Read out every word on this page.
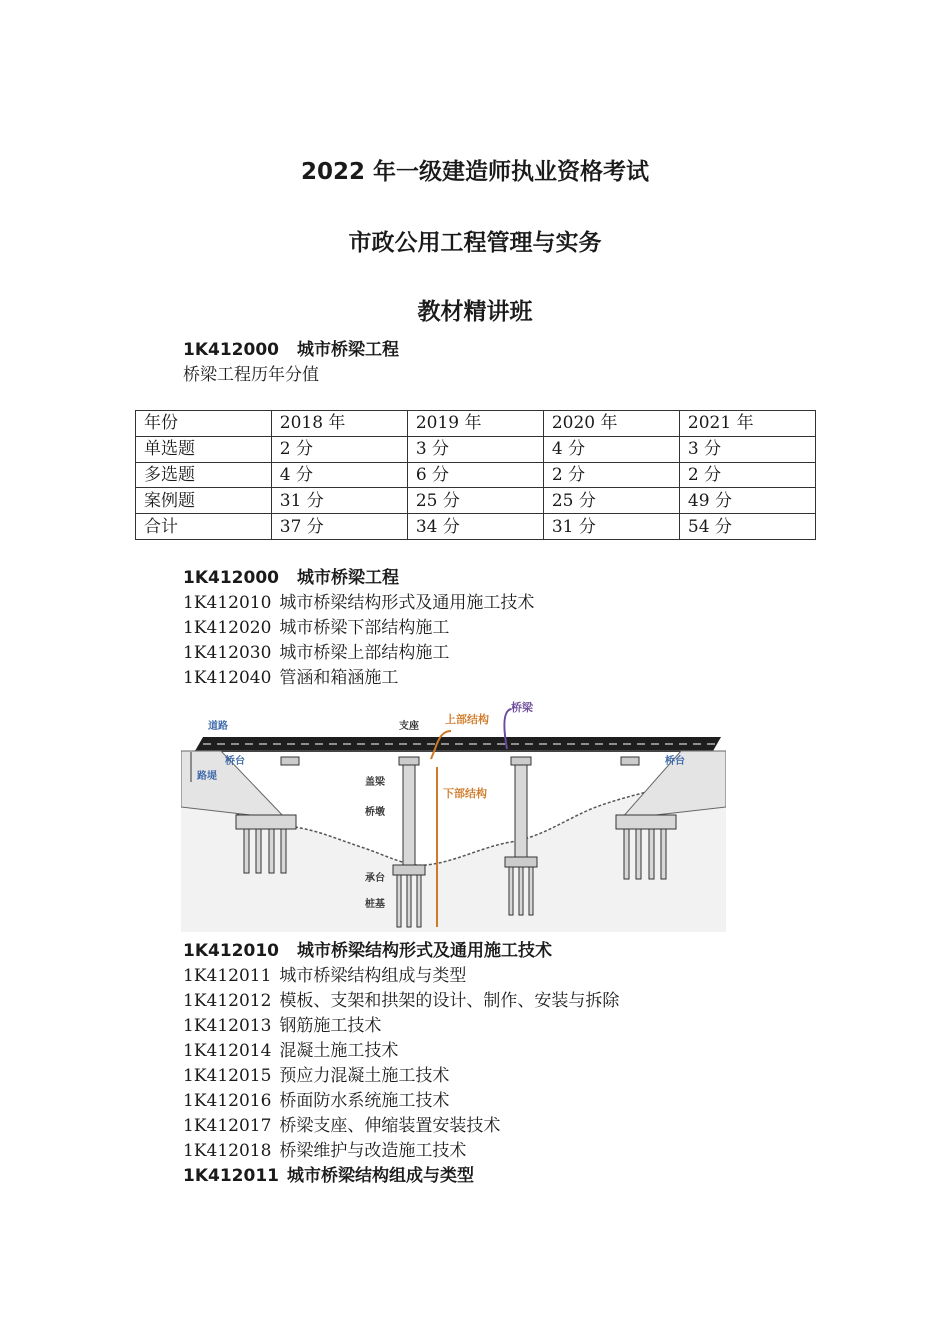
2022 年一级建造师执业资格考试
市政公用工程管理与实务
教材精讲班
1K412000 城市桥梁工程
桥梁工程历年分值
年份	2018 年	2019 年	2020 年	2021 年
单选题	2 分	3 分	4 分	3 分
多选题	4 分	6 分	2 分	2 分
案例题	31 分	25 分	25 分	49 分
合计	37 分	34 分	31 分	54 分
1K412000 城市桥梁工程
1K412010 城市桥梁结构形式及通用施工技术
1K412020 城市桥梁下部结构施工
1K412030 城市桥梁上部结构施工
1K412040 管涵和箱涵施工
道路
路堤
桥台	桥台
支座
上部结构
桥梁
盖梁
桥墩
下部结构
承台
桩基
1K412010 城市桥梁结构形式及通用施工技术
1K412011 城市桥梁结构组成与类型
1K412012 模板、支架和拱架的设计、制作、安装与拆除
1K412013 钢筋施工技术
1K412014 混凝土施工技术
1K412015 预应力混凝土施工技术
1K412016 桥面防水系统施工技术
1K412017 桥梁支座、伸缩装置安装技术
1K412018 桥梁维护与改造施工技术
1K412011 城市桥梁结构组成与类型
